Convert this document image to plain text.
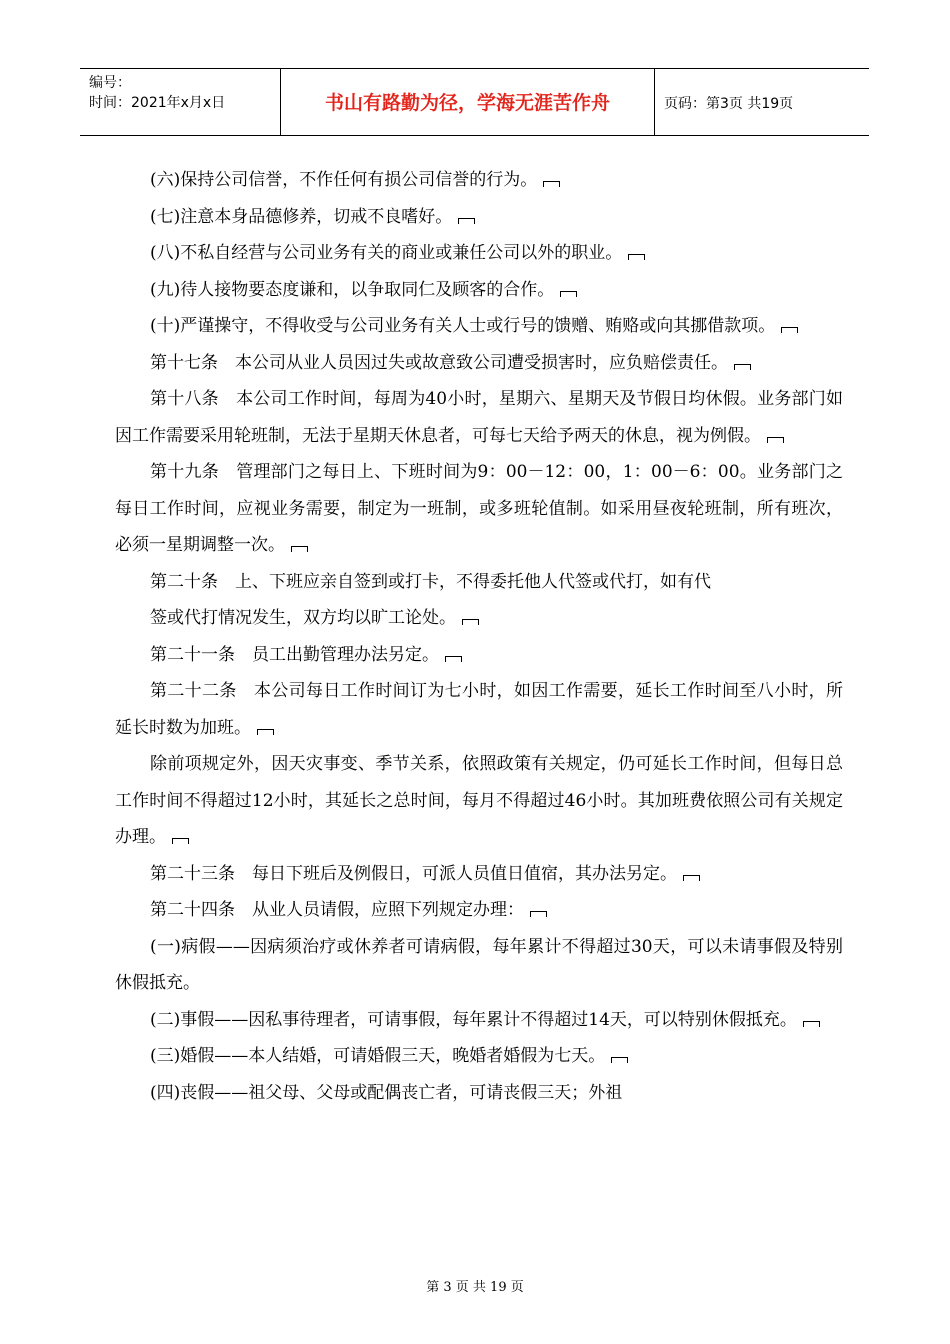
编号：
时间：2021年x月x日	书山有路勤为径，学海无涯苦作舟	页码：第3页 共19页

(六)保持公司信誉，不作任何有损公司信誉的行为。

(七)注意本身品德修养，切戒不良嗜好。

(八)不私自经营与公司业务有关的商业或兼任公司以外的职业。

(九)待人接物要态度谦和，以争取同仁及顾客的合作。

(十)严谨操守，不得收受与公司业务有关人士或行号的馈赠、贿赂或向其挪借款项。

第十七条　本公司从业人员因过失或故意致公司遭受损害时，应负赔偿责任。

第十八条　本公司工作时间，每周为40小时，星期六、星期天及节假日均休假。业务部门如因工作需要采用轮班制，无法于星期天休息者，可每七天给予两天的休息，视为例假。

第十九条　管理部门之每日上、下班时间为9：00－12：00，1：00－6：00。业务部门之每日工作时间，应视业务需要，制定为一班制，或多班轮值制。如采用昼夜轮班制，所有班次，必须一星期调整一次。

第二十条　上、下班应亲自签到或打卡，不得委托他人代签或代打，如有代

签或代打情况发生，双方均以旷工论处。

第二十一条　员工出勤管理办法另定。

第二十二条　本公司每日工作时间订为七小时，如因工作需要，延长工作时间至八小时，所延长时数为加班。

除前项规定外，因天灾事变、季节关系，依照政策有关规定，仍可延长工作时间，但每日总工作时间不得超过12小时，其延长之总时间，每月不得超过46小时。其加班费依照公司有关规定办理。

第二十三条　每日下班后及例假日，可派人员值日值宿，其办法另定。

第二十四条　从业人员请假，应照下列规定办理：

(一)病假——因病须治疗或休养者可请病假，每年累计不得超过30天，可以未请事假及特别休假抵充。

(二)事假——因私事待理者，可请事假，每年累计不得超过14天，可以特别休假抵充。

(三)婚假——本人结婚，可请婚假三天，晚婚者婚假为七天。

(四)丧假——祖父母、父母或配偶丧亡者，可请丧假三天；外祖

第 3 页 共 19 页
